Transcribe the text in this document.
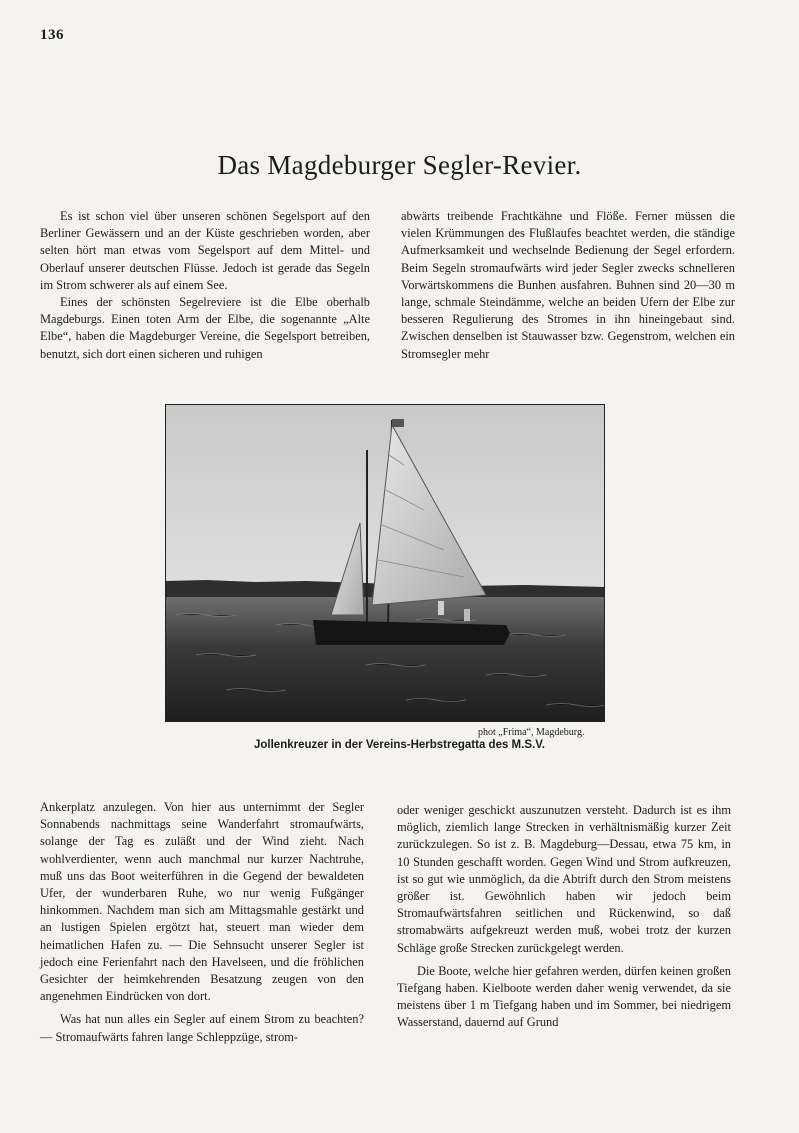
136
Das Magdeburger Segler-Revier.

Es ist schon viel über unseren schönen Segelsport auf den Berliner Gewässern und an der Küste geschrieben worden, aber selten hört man etwas vom Segelsport auf dem Mittel- und Oberlauf unserer deutschen Flüsse. Jedoch ist gerade das Segeln im Strom schwerer als auf einem See.

Eines der schönsten Segelreviere ist die Elbe oberhalb Magdeburgs. Einen toten Arm der Elbe, die sogenannte „Alte Elbe“, haben die Magdeburger Vereine, die Segelsport betreiben, benutzt, sich dort einen sicheren und ruhigen

abwärts treibende Frachtkähne und Flöße. Ferner müssen die vielen Krümmungen des Flußlaufes beachtet werden, die ständige Aufmerksamkeit und wechselnde Bedienung der Segel erfordern. Beim Segeln stromaufwärts wird jeder Segler zwecks schnelleren Vorwärtskommens die Bunhen ausfahren. Buhnen sind 20—30 m lange, schmale Steindämme, welche an beiden Ufern der Elbe zur besseren Regulierung des Stromes in ihn hineingebaut sind. Zwischen denselben ist Stauwasser bzw. Gegenstrom, welchen ein Stromsegler mehr

phot „Frima“, Magdeburg.
Jollenkreuzer in der Vereins-Herbstregatta des M.S.V.

Ankerplatz anzulegen. Von hier aus unternimmt der Segler Sonnabends nachmittags seine Wanderfahrt stromaufwärts, solange der Tag es zuläßt und der Wind zieht. Nach wohlverdienter, wenn auch manchmal nur kurzer Nachtruhe, muß uns das Boot weiterführen in die Gegend der bewaldeten Ufer, der wunderbaren Ruhe, wo nur wenig Fußgänger hinkommen. Nachdem man sich am Mittagsmahle gestärkt und an lustigen Spielen ergötzt hat, steuert man wieder dem heimatlichen Hafen zu. — Die Sehnsucht unserer Segler ist jedoch eine Ferienfahrt nach den Havelseen, und die fröhlichen Gesichter der heimkehrenden Besatzung zeugen von den angenehmen Eindrücken von dort.

Was hat nun alles ein Segler auf einem Strom zu beachten? — Stromaufwärts fahren lange Schleppzüge, strom-

oder weniger geschickt auszunutzen versteht. Dadurch ist es ihm möglich, ziemlich lange Strecken in verhältnismäßig kurzer Zeit zurückzulegen. So ist z. B. Magdeburg—Dessau, etwa 75 km, in 10 Stunden geschafft worden. Gegen Wind und Strom aufkreuzen, ist so gut wie unmöglich, da die Abtrift durch den Strom meistens größer ist. Gewöhnlich haben wir jedoch beim Stromaufwärtsfahren seitlichen und Rückenwind, so daß stromabwärts aufgekreuzt werden muß, wobei trotz der kurzen Schläge große Strecken zurückgelegt werden.

Die Boote, welche hier gefahren werden, dürfen keinen großen Tiefgang haben. Kielboote werden daher wenig verwendet, da sie meistens über 1 m Tiefgang haben und im Sommer, bei niedrigem Wasserstand, dauernd auf Grund
